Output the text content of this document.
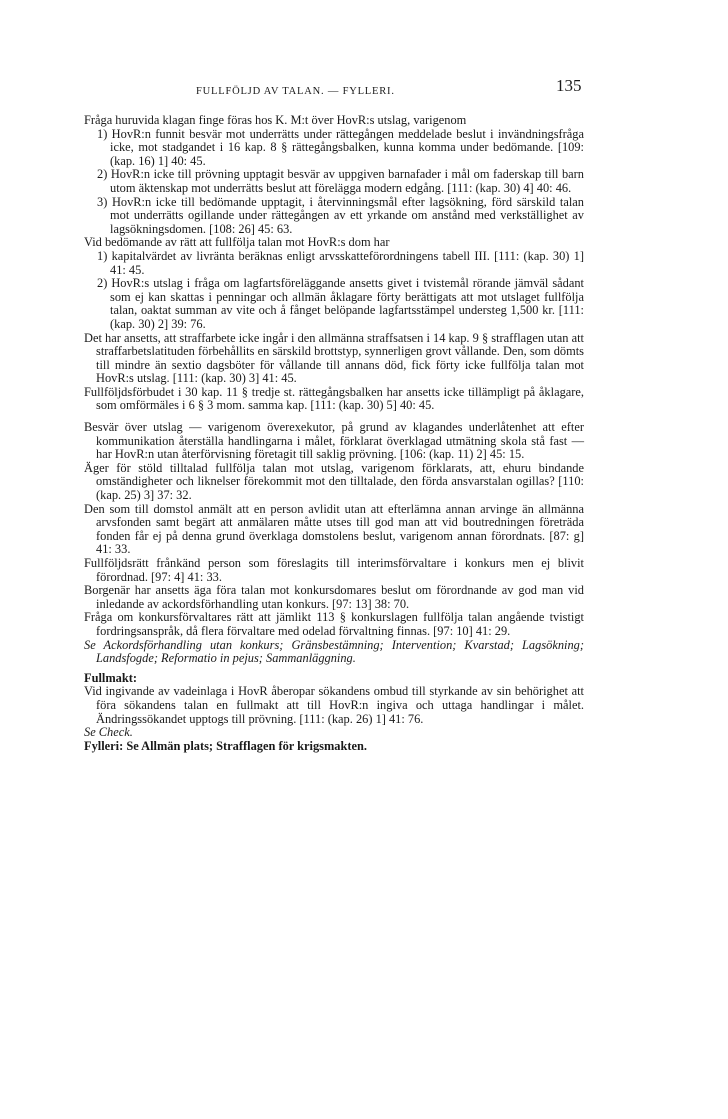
FULLFÖLJD AV TALAN. — FYLLERI.	135

Fråga huruvida klagan finge föras hos K. M:t över HovR:s utslag, varigenom

1) HovR:n funnit besvär mot underrätts under rättegången meddelade beslut i invändningsfråga icke, mot stadgandet i 16 kap. 8 § rättegångsbalken, kunna komma under bedömande. [109: (kap. 16) 1] 40: 45.

2) HovR:n icke till prövning upptagit besvär av uppgiven barnafader i mål om faderskap till barn utom äktenskap mot underrätts beslut att förelägga modern edgång. [111: (kap. 30) 4] 40: 46.

3) HovR:n icke till bedömande upptagit, i återvinningsmål efter lagsökning, förd särskild talan mot underrätts ogillande under rättegången av ett yrkande om anstånd med verkställighet av lagsökningsdomen. [108: 26] 45: 63.

Vid bedömande av rätt att fullfölja talan mot HovR:s dom har

1) kapitalvärdet av livränta beräknas enligt arvsskatteförordningens tabell III. [111: (kap. 30) 1] 41: 45.

2) HovR:s utslag i fråga om lagfartsföreläggande ansetts givet i tvistemål rörande jämväl sådant som ej kan skattas i penningar och allmän åklagare förty berättigats att mot utslaget fullfölja talan, oaktat summan av vite och å fånget belöpande lagfartsstämpel understeg 1,500 kr. [111: (kap. 30) 2] 39: 76.

Det har ansetts, att straffarbete icke ingår i den allmänna straffsatsen i 14 kap. 9 § strafflagen utan att straffarbetslatituden förbehållits en särskild brottstyp, synnerligen grovt vållande. Den, som dömts till mindre än sextio dagsböter för vållande till annans död, fick förty icke fullfölja talan mot HovR:s utslag. [111: (kap. 30) 3] 41: 45.

Fullföljdsförbudet i 30 kap. 11 § tredje st. rättegångsbalken har ansetts icke tillämpligt på åklagare, som omförmäles i 6 § 3 mom. samma kap. [111: (kap. 30) 5] 40: 45.

Besvär över utslag — varigenom överexekutor, på grund av klagandes underlåtenhet att efter kommunikation återställa handlingarna i målet, förklarat överklagad utmätning skola stå fast — har HovR:n utan återförvisning företagit till saklig prövning. [106: (kap. 11) 2] 45: 15.

Äger för stöld tilltalad fullfölja talan mot utslag, varigenom förklarats, att, ehuru bindande omständigheter och liknelser förekommit mot den tilltalade, den förda ansvarstalan ogillas? [110: (kap. 25) 3] 37: 32.

Den som till domstol anmält att en person avlidit utan att efterlämna annan arvinge än allmänna arvsfonden samt begärt att anmälaren måtte utses till god man att vid boutredningen företräda fonden får ej på denna grund överklaga domstolens beslut, varigenom annan förordnats. [87: g] 41: 33.

Fullföljdsrätt frånkänd person som föreslagits till interimsförvaltare i konkurs men ej blivit förordnad. [97: 4] 41: 33.

Borgenär har ansetts äga föra talan mot konkursdomares beslut om förordnande av god man vid inledande av ackordsförhandling utan konkurs. [97: 13] 38: 70.

Fråga om konkursförvaltares rätt att jämlikt 113 § konkurslagen fullfölja talan angående tvistigt fordringsanspråk, då flera förvaltare med odelad förvaltning finnas. [97: 10] 41: 29.

Se Ackordsförhandling utan konkurs; Gränsbestämning; Intervention; Kvarstad; Lagsökning; Landsfogde; Reformatio in pejus; Sammanläggning.

Fullmakt:

Vid ingivande av vadeinlaga i HovR åberopar sökandens ombud till styrkande av sin behörighet att föra sökandens talan en fullmakt att till HovR:n ingiva och uttaga handlingar i målet. Ändringssökandet upptogs till prövning. [111: (kap. 26) 1] 41: 76.

Se Check.

Fylleri: Se Allmän plats; Strafflagen för krigsmakten.
